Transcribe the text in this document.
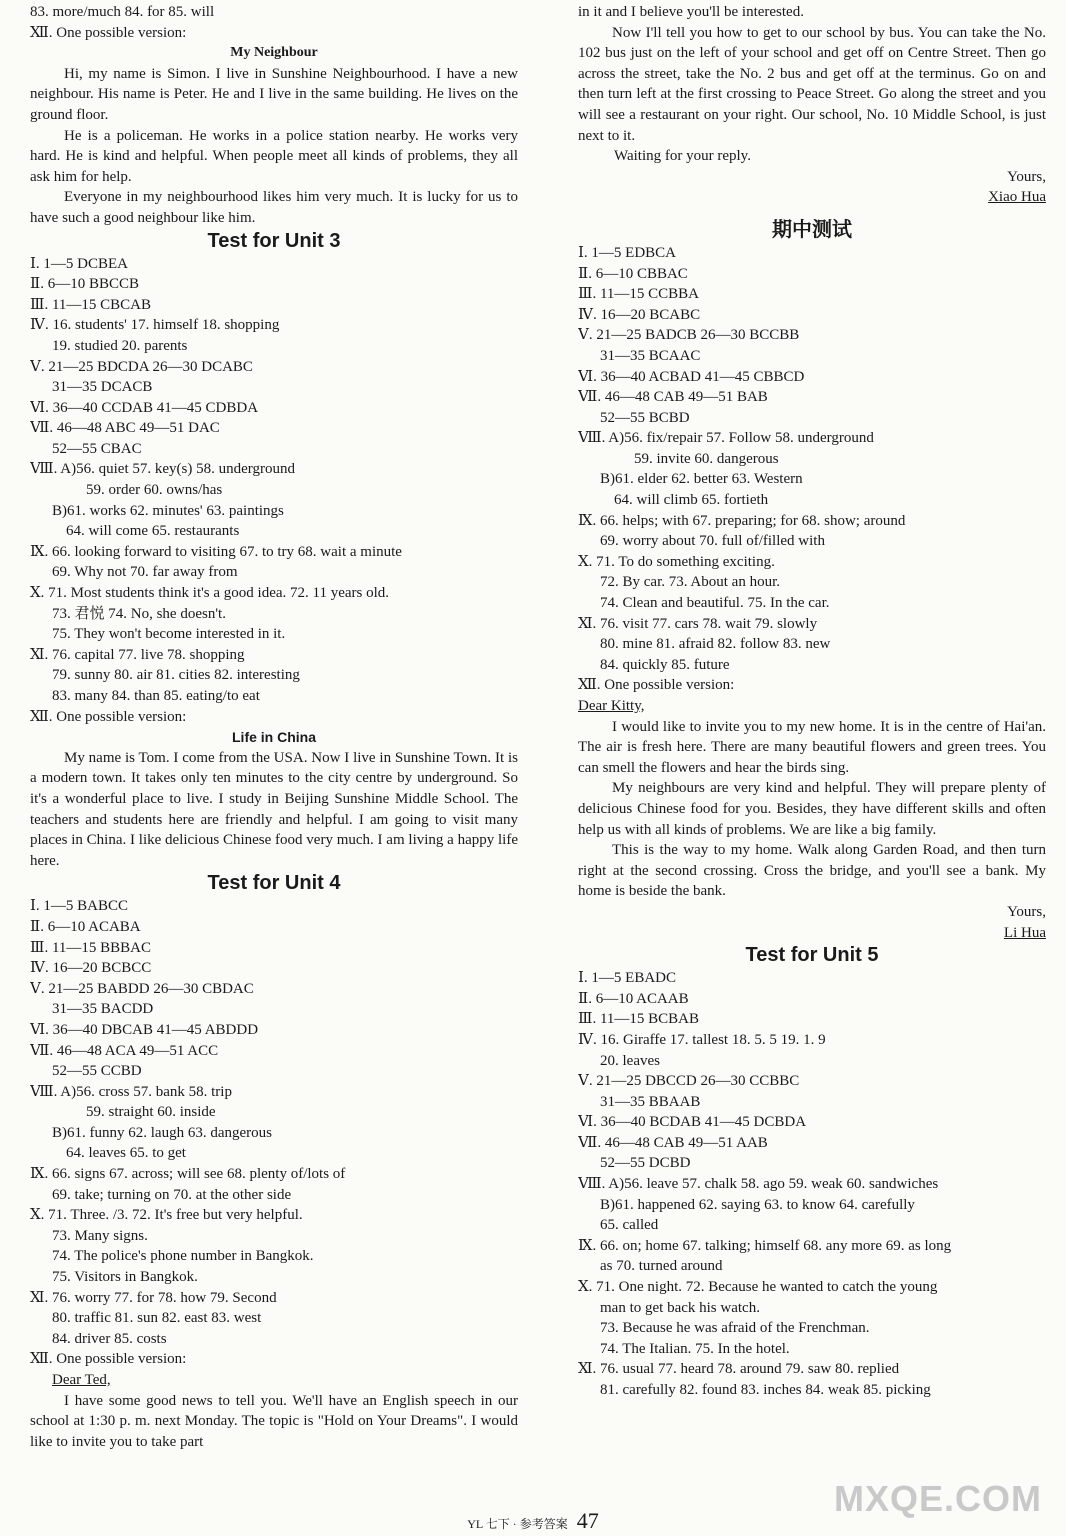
83. more/much 84. for 85. will
Ⅻ. One possible version:
My Neighbour
Hi, my name is Simon. I live in Sunshine Neighbourhood. I have a new neighbour. His name is Peter. He and I live in the same building. He lives on the ground floor.
He is a policeman. He works in a police station nearby. He works very hard. He is kind and helpful. When people meet all kinds of problems, they all ask him for help.
Everyone in my neighbourhood likes him very much. It is lucky for us to have such a good neighbour like him.
Test for Unit 3
Ⅰ. 1—5 DCBEA
Ⅱ. 6—10 BBCCB
Ⅲ. 11—15 CBCAB
Ⅳ. 16. students' 17. himself 18. shopping
19. studied 20. parents
Ⅴ. 21—25 BDCDA 26—30 DCABC
31—35 DCACB
Ⅵ. 36—40 CCDAB 41—45 CDBDA
Ⅶ. 46—48 ABC 49—51 DAC
52—55 CBAC
Ⅷ. A)56. quiet 57. key(s) 58. underground
59. order 60. owns/has
B)61. works 62. minutes' 63. paintings
64. will come 65. restaurants
Ⅸ. 66. looking forward to visiting 67. to try 68. wait a minute
69. Why not 70. far away from
Ⅹ. 71. Most students think it's a good idea. 72. 11 years old.
73. 君悦 74. No, she doesn't.
75. They won't become interested in it.
Ⅺ. 76. capital 77. live 78. shopping
79. sunny 80. air 81. cities 82. interesting
83. many 84. than 85. eating/to eat
Ⅻ. One possible version:
Life in China
My name is Tom. I come from the USA. Now I live in Sunshine Town. It is a modern town. It takes only ten minutes to the city centre by underground. So it's a wonderful place to live. I study in Beijing Sunshine Middle School. The teachers and students here are friendly and helpful. I am going to visit many places in China. I like delicious Chinese food very much. I am living a happy life here.
Test for Unit 4
Ⅰ. 1—5 BABCC
Ⅱ. 6—10 ACABA
Ⅲ. 11—15 BBBAC
Ⅳ. 16—20 BCBCC
Ⅴ. 21—25 BABDD 26—30 CBDAC
31—35 BACDD
Ⅵ. 36—40 DBCAB 41—45 ABDDD
Ⅶ. 46—48 ACA 49—51 ACC
52—55 CCBD
Ⅷ. A)56. cross 57. bank 58. trip
59. straight 60. inside
B)61. funny 62. laugh 63. dangerous
64. leaves 65. to get
Ⅸ. 66. signs 67. across; will see 68. plenty of/lots of
69. take; turning on 70. at the other side
Ⅹ. 71. Three. /3. 72. It's free but very helpful.
73. Many signs.
74. The police's phone number in Bangkok.
75. Visitors in Bangkok.
Ⅺ. 76. worry 77. for 78. how 79. Second
80. traffic 81. sun 82. east 83. west
84. driver 85. costs
Ⅻ. One possible version:
Dear Ted,
I have some good news to tell you. We'll have an English speech in our school at 1:30 p. m. next Monday. The topic is "Hold on Your Dreams". I would like to invite you to take part
in it and I believe you'll be interested.
Now I'll tell you how to get to our school by bus. You can take the No. 102 bus just on the left of your school and get off on Centre Street. Then go across the street, take the No. 2 bus and get off at the terminus. Go on and then turn left at the first crossing to Peace Street. Go along the street and you will see a restaurant on your right. Our school, No. 10 Middle School, is just next to it.
Waiting for your reply.
Yours,
Xiao Hua
期中测试
Ⅰ. 1—5 EDBCA
Ⅱ. 6—10 CBBAC
Ⅲ. 11—15 CCBBA
Ⅳ. 16—20 BCABC
Ⅴ. 21—25 BADCB 26—30 BCCBB
31—35 BCAAC
Ⅵ. 36—40 ACBAD 41—45 CBBCD
Ⅶ. 46—48 CAB 49—51 BAB
52—55 BCBD
Ⅷ. A)56. fix/repair 57. Follow 58. underground
59. invite 60. dangerous
B)61. elder 62. better 63. Western
64. will climb 65. fortieth
Ⅸ. 66. helps; with 67. preparing; for 68. show; around
69. worry about 70. full of/filled with
Ⅹ. 71. To do something exciting.
72. By car. 73. About an hour.
74. Clean and beautiful. 75. In the car.
Ⅺ. 76. visit 77. cars 78. wait 79. slowly
80. mine 81. afraid 82. follow 83. new
84. quickly 85. future
Ⅻ. One possible version:
Dear Kitty,
I would like to invite you to my new home. It is in the centre of Hai'an. The air is fresh here. There are many beautiful flowers and green trees. You can smell the flowers and hear the birds sing.
My neighbours are very kind and helpful. They will prepare plenty of delicious Chinese food for you. Besides, they have different skills and often help us with all kinds of problems. We are like a big family.
This is the way to my home. Walk along Garden Road, and then turn right at the second crossing. Cross the bridge, and you'll see a bank. My home is beside the bank.
Yours,
Li Hua
Test for Unit 5
Ⅰ. 1—5 EBADC
Ⅱ. 6—10 ACAAB
Ⅲ. 11—15 BCBAB
Ⅳ. 16. Giraffe 17. tallest 18. 5. 5 19. 1. 9
20. leaves
Ⅴ. 21—25 DBCCD 26—30 CCBBC
31—35 BBAAB
Ⅵ. 36—40 BCDAB 41—45 DCBDA
Ⅶ. 46—48 CAB 49—51 AAB
52—55 DCBD
Ⅷ. A)56. leave 57. chalk 58. ago 59. weak 60. sandwiches
B)61. happened 62. saying 63. to know 64. carefully
65. called
Ⅸ. 66. on; home 67. talking; himself 68. any more 69. as long
as 70. turned around
Ⅹ. 71. One night. 72. Because he wanted to catch the young
man to get back his watch.
73. Because he was afraid of the Frenchman.
74. The Italian. 75. In the hotel.
Ⅺ. 76. usual 77. heard 78. around 79. saw 80. replied
81. carefully 82. found 83. inches 84. weak 85. picking
YL 七下 · 参考答案 47
MXQE.COM
